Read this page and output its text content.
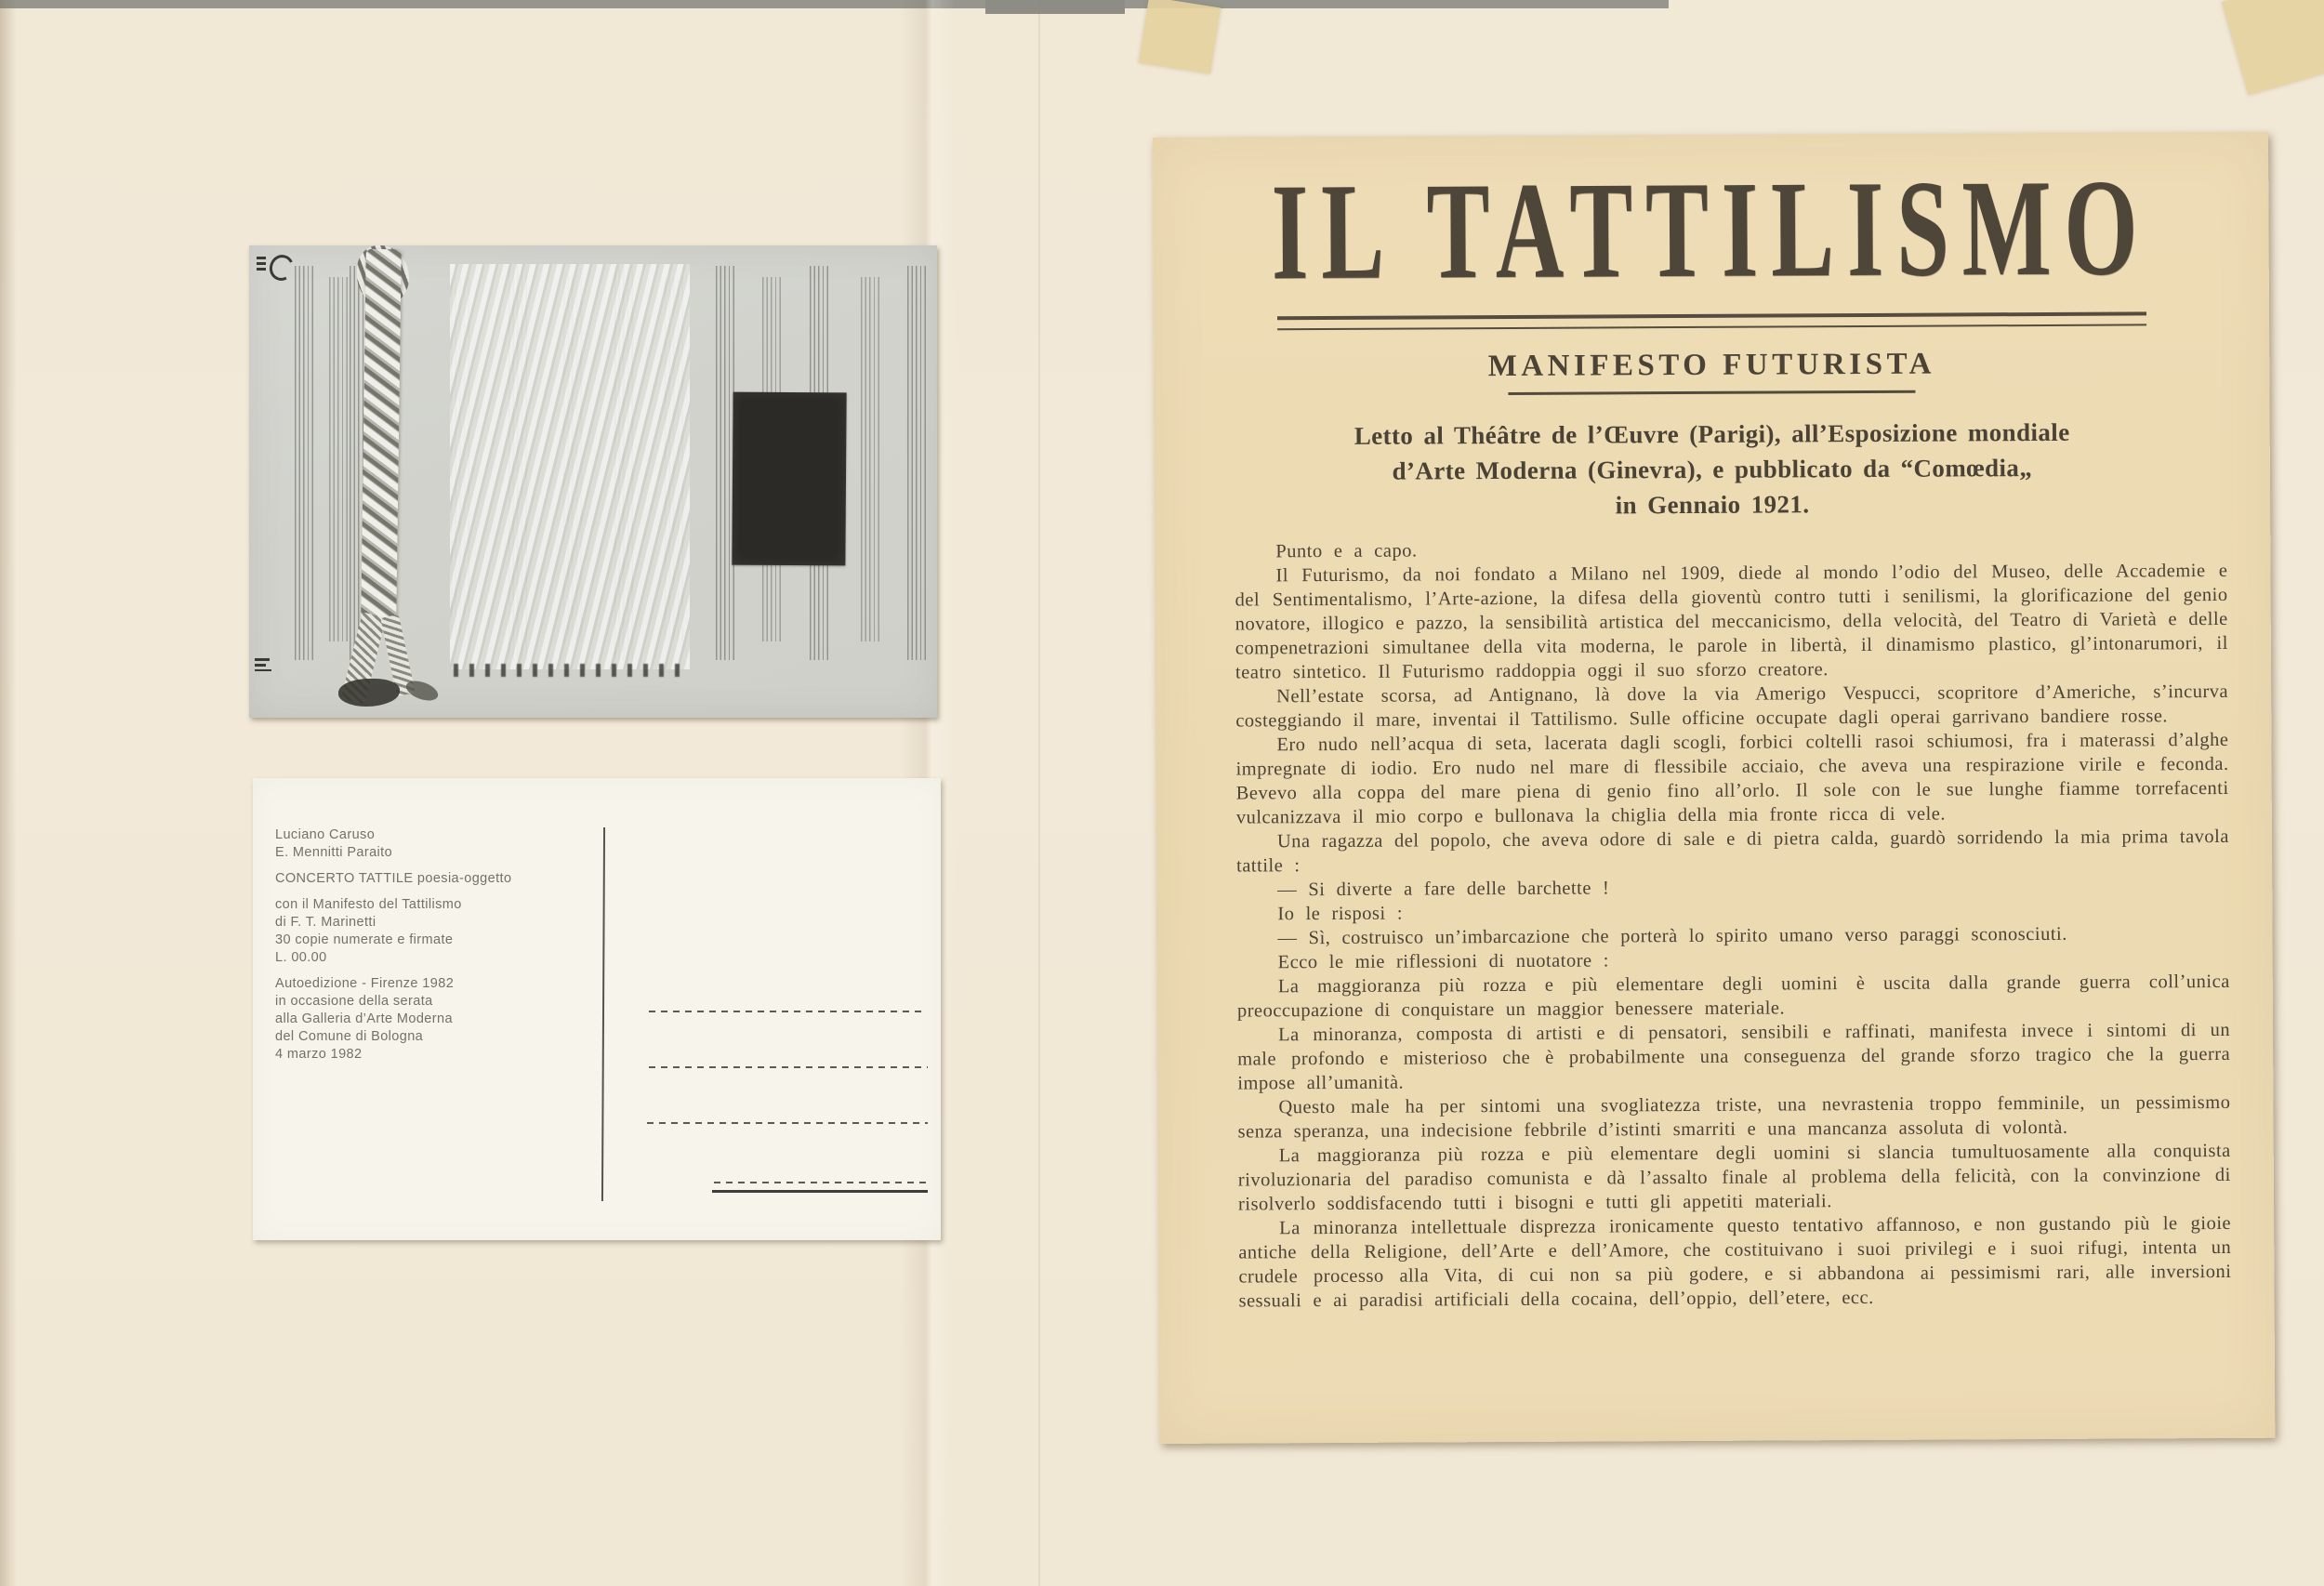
Luciano Caruso
E. Mennitti Paraito
CONCERTO TATTILE poesia-oggetto
con il Manifesto del Tattilismo
di F. T. Marinetti
30 copie numerate e firmate
L. 00.00
Autoedizione - Firenze 1982
in occasione della serata
alla Galleria d’Arte Moderna
del Comune di Bologna
4 marzo 1982
IL TATTILISMO
MANIFESTO FUTURISTA
Letto al Théâtre de l’Œuvre (Parigi), all’Esposizione mondiale
d’Arte Moderna (Ginevra), e pubblicato da “Comœdia„
in Gennaio 1921.

Punto e a capo.

Il Futurismo, da noi fondato a Milano nel 1909, diede al mondo l’odio del Museo, delle Accademie e del Sentimentalismo, l’Arte-azione, la difesa della gioventù contro tutti i senilismi, la glorificazione del genio novatore, illogico e pazzo, la sensibilità artistica del meccanicismo, della velocità, del Teatro di Varietà e delle compenetrazioni simultanee della vita moderna, le parole in libertà, il dinamismo plastico, gl’intonarumori, il teatro sintetico. Il Futurismo raddoppia oggi il suo sforzo creatore.

Nell’estate scorsa, ad Antignano, là dove la via Amerigo Vespucci, scopritore d’Americhe, s’incurva costeggiando il mare, inventai il Tattilismo. Sulle officine occupate dagli operai garrivano bandiere rosse.

Ero nudo nell’acqua di seta, lacerata dagli scogli, forbici coltelli rasoi schiumosi, fra i materassi d’alghe impregnate di iodio. Ero nudo nel mare di flessibile acciaio, che aveva una respirazione virile e feconda. Bevevo alla coppa del mare piena di genio fino all’orlo. Il sole con le sue lunghe fiamme torrefacenti vulcanizzava il mio corpo e bullonava la chiglia della mia fronte ricca di vele.

Una ragazza del popolo, che aveva odore di sale e di pietra calda, guardò sorridendo la mia prima tavola tattile :

— Si diverte a fare delle barchette !

Io le risposi :

— Sì, costruisco un’imbarcazione che porterà lo spirito umano verso paraggi sconosciuti.

Ecco le mie riflessioni di nuotatore :

La maggioranza più rozza e più elementare degli uomini è uscita dalla grande guerra coll’unica preoccupazione di conquistare un maggior benessere materiale.

La minoranza, composta di artisti e di pensatori, sensibili e raffinati, manifesta invece i sintomi di un male profondo e misterioso che è probabilmente una conseguenza del grande sforzo tragico che la guerra impose all’umanità.

Questo male ha per sintomi una svogliatezza triste, una nevrastenia troppo femminile, un pessimismo senza speranza, una indecisione febbrile d’istinti smarriti e una mancanza assoluta di volontà.

La maggioranza più rozza e più elementare degli uomini si slancia tumultuosamente alla conquista rivoluzionaria del paradiso comunista e dà l’assalto finale al problema della felicità, con la convinzione di risolverlo soddisfacendo tutti i bisogni e tutti gli appetiti materiali.

La minoranza intellettuale disprezza ironicamente questo tentativo affannoso, e non gustando più le gioie antiche della Religione, dell’Arte e dell’Amore, che costituivano i suoi privilegi e i suoi rifugi, intenta un crudele processo alla Vita, di cui non sa più godere, e si abbandona ai pessimismi rari, alle inversioni sessuali e ai paradisi artificiali della cocaina, dell’oppio, dell’etere, ecc.
